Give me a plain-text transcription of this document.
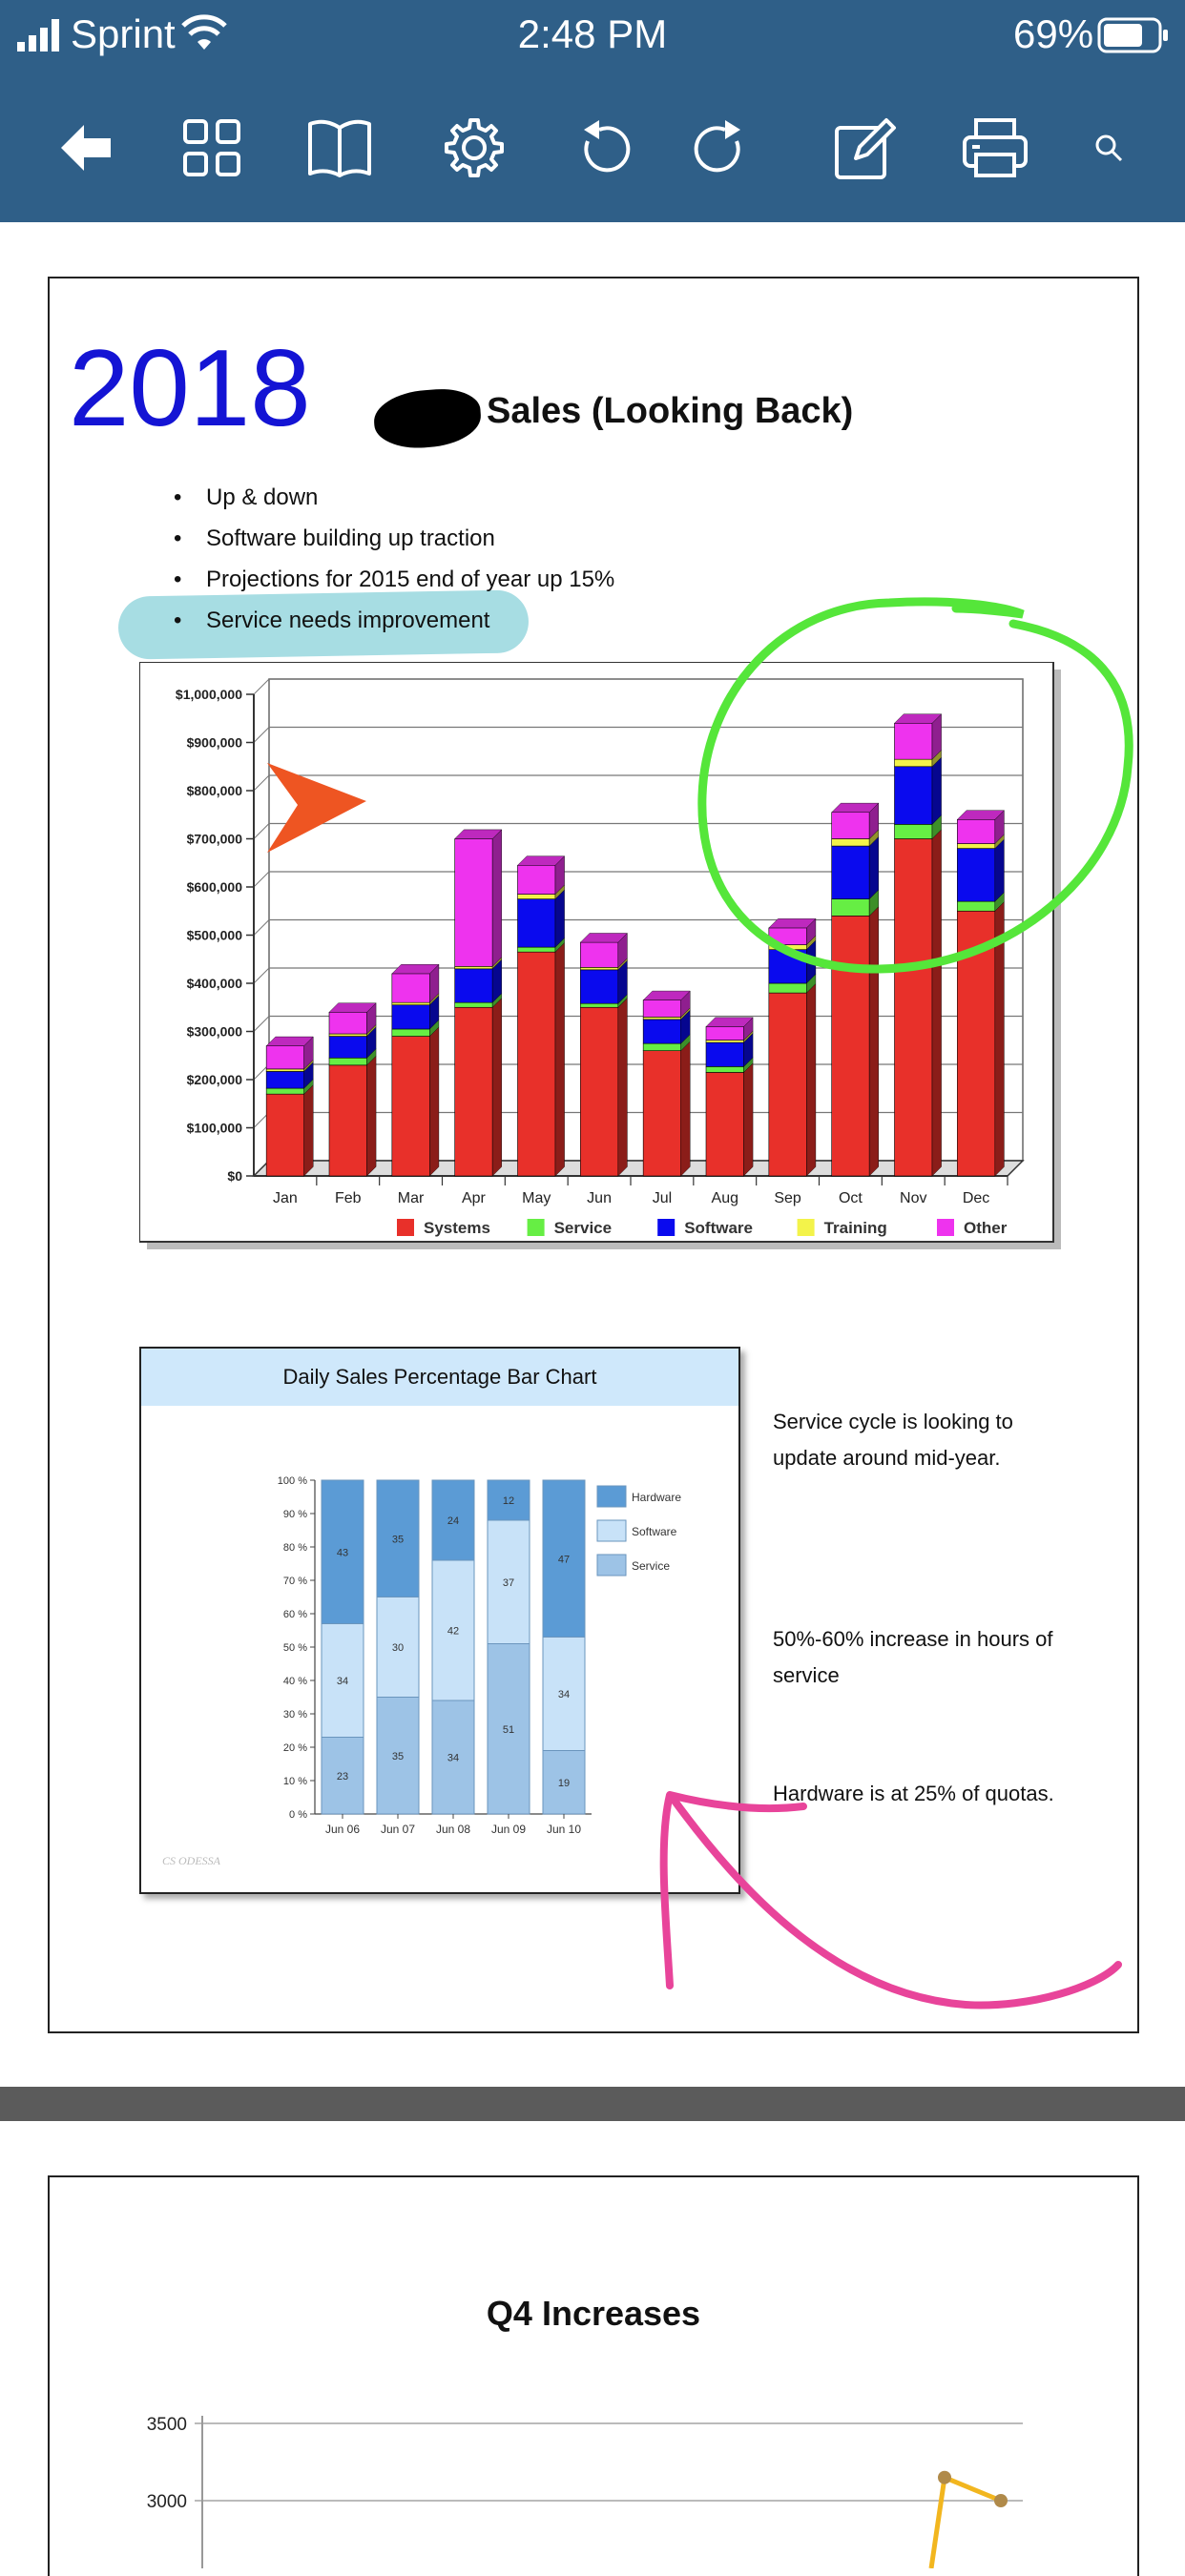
Sprint	2:48 PM	69%
2018	Sales (Looking Back)
• Up & down
• Software building up traction
• Projections for 2015 end of year up 15%
• Service needs improvement
$0
$100,000
$200,000
$300,000
$400,000
$500,000
$600,000
$700,000
$800,000
$900,000
$1,000,000
Jan Feb Mar Apr May Jun	Jul	Aug Sep Oct Nov Dec
Systems	Service	Software	Training	Other
Daily Sales Percentage Bar Chart
0 %
10 %
20 %
30 %
40 %
50 %
60 %
70 %
80 %
90 %
100 %
23
34
43
Jun 06
35
30
35
Jun 07
34
42
24
Jun 08
51
37
12
Jun 09
19
34
47
Jun 10
Hardware
Software
Service
CS ODESSA
Service cycle is looking to update around mid-year.
50%-60% increase in hours of service
Hardware is at 25% of quotas.
Q4 Increases
3000
3500
